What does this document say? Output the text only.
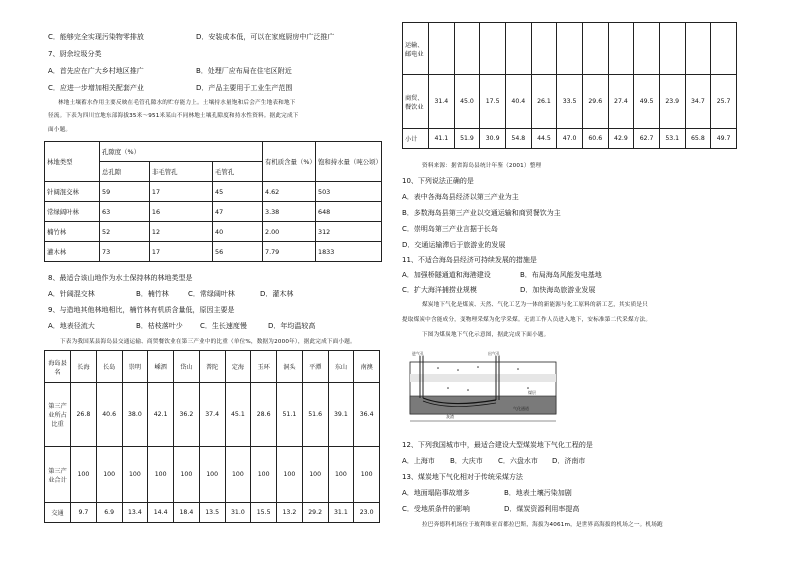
C．能够完全实现污染物零排放	D．安装成本低，可以在家庭厨房中广泛推广
7、厨余垃圾分类
A．首先应在广大乡村地区推广	B．处理厂应布局在住宅区附近
C．应进一步增加相关配套产业	D．产品主要用于工业生产范围
林地土壤蓄水作用主要反映在毛管孔隙水的贮存能力上。土壤持水量饱和后会产生地表和地下
径流。下表为四川宜地东部海拔35米～951米某山不同林地土壤孔隙度和持水性资料。据此完成下
面小题。
林地类型	孔隙度（%）			有机质含量（%）	饱和持水量（吨公顷）
	总孔隙	非毛管孔	毛管孔		
针阔混交林	59	17	45	4.62	503
常绿阔叶林	63	16	47	3.38	648
楠竹林	52	12	40	2.00	312
灌木林	73	17	56	7.79	1833
8、最适合该山地作为水土保持林的林地类型是
A．针阔混交林	B．楠竹林	C．常绿阔叶林	D．灌木林
9、与造地其他林地相比，楠竹林有机质含量低，原因主要是
A．地表径流大	B．枯枝落叶少 C．生长速度慢	D．年均温较高
下表为我国某县海岛县交通运输、商贸餐饮业在第三产业中的比重（单位%，数据为2000年），据此完成下面小题。
海岛县名	长海	长岛	崇明	嵊泗	岱山	普陀	定海	玉环	洞头	平潭	东山	南澳
第三产业所占比重	26.8	40.6	38.0	42.1	36.2	37.4	45.1	28.6	51.1	51.6	39.1	36.4
第三产业合计	100	100	100	100	100	100	100	100	100	100	100	100
交通	9.7	6.9	13.4	14.4	18.4	13.5	31.0	15.5	13.2	29.2	31.1	23.0
运输、邮电业												
商贸、餐饮业	31.4	45.0	17.5	40.4	26.1	33.5	29.6	27.4	49.5	23.9	34.7	25.7
小计	41.1	51.9	30.9	54.8	44.5	47.0	60.6	42.9	62.7	53.1	65.8	49.7
资料来源：据省海岛县统计年鉴（2001）整理
10、下列说法正确的是
A．表中各海岛县经济以第三产业为主
B．多数海岛县第三产业以交通运输和商贸餐饮为主
C．崇明岛第三产业言据于长岛
D．交通运输滞后于旅游业的发展
11、不适合海岛县经济可持续发展的措施是
A．加强桥隧通道和海港建设	B．布局海岛风能发电基地
C．扩大海洋捕捞业规模	D．加快海岛旅游业发展
煤炭地下气化是煤炭、天然、气化工艺为一体的新能源与化工原料的新工艺，其实质是只
提取煤炭中含能成分，变物理采煤为化学采煤。无需工作人员进入地下，安标准第二代采煤方法。
下图为煤炭地下气化示意图，据此完成下面小题。
进气孔	出气孔
煤层
气化通道
灰渣
12、下列我国城市中，最适合建设大型煤炭地下气化工程的是
A．上海市 B．大庆市 C．六盘水市 D．济南市
13、煤炭地下气化相对于传统采煤方法
A．地面塌陷事故增多	B．地表土壤污染加剧
C．受地质条件的影响	D．煤炭资源利用率提高
拉巴奔德科机场位于玻利维亚首都拉巴斯，海拔为4061m，是世界高海拔的机场之一。机场跑
